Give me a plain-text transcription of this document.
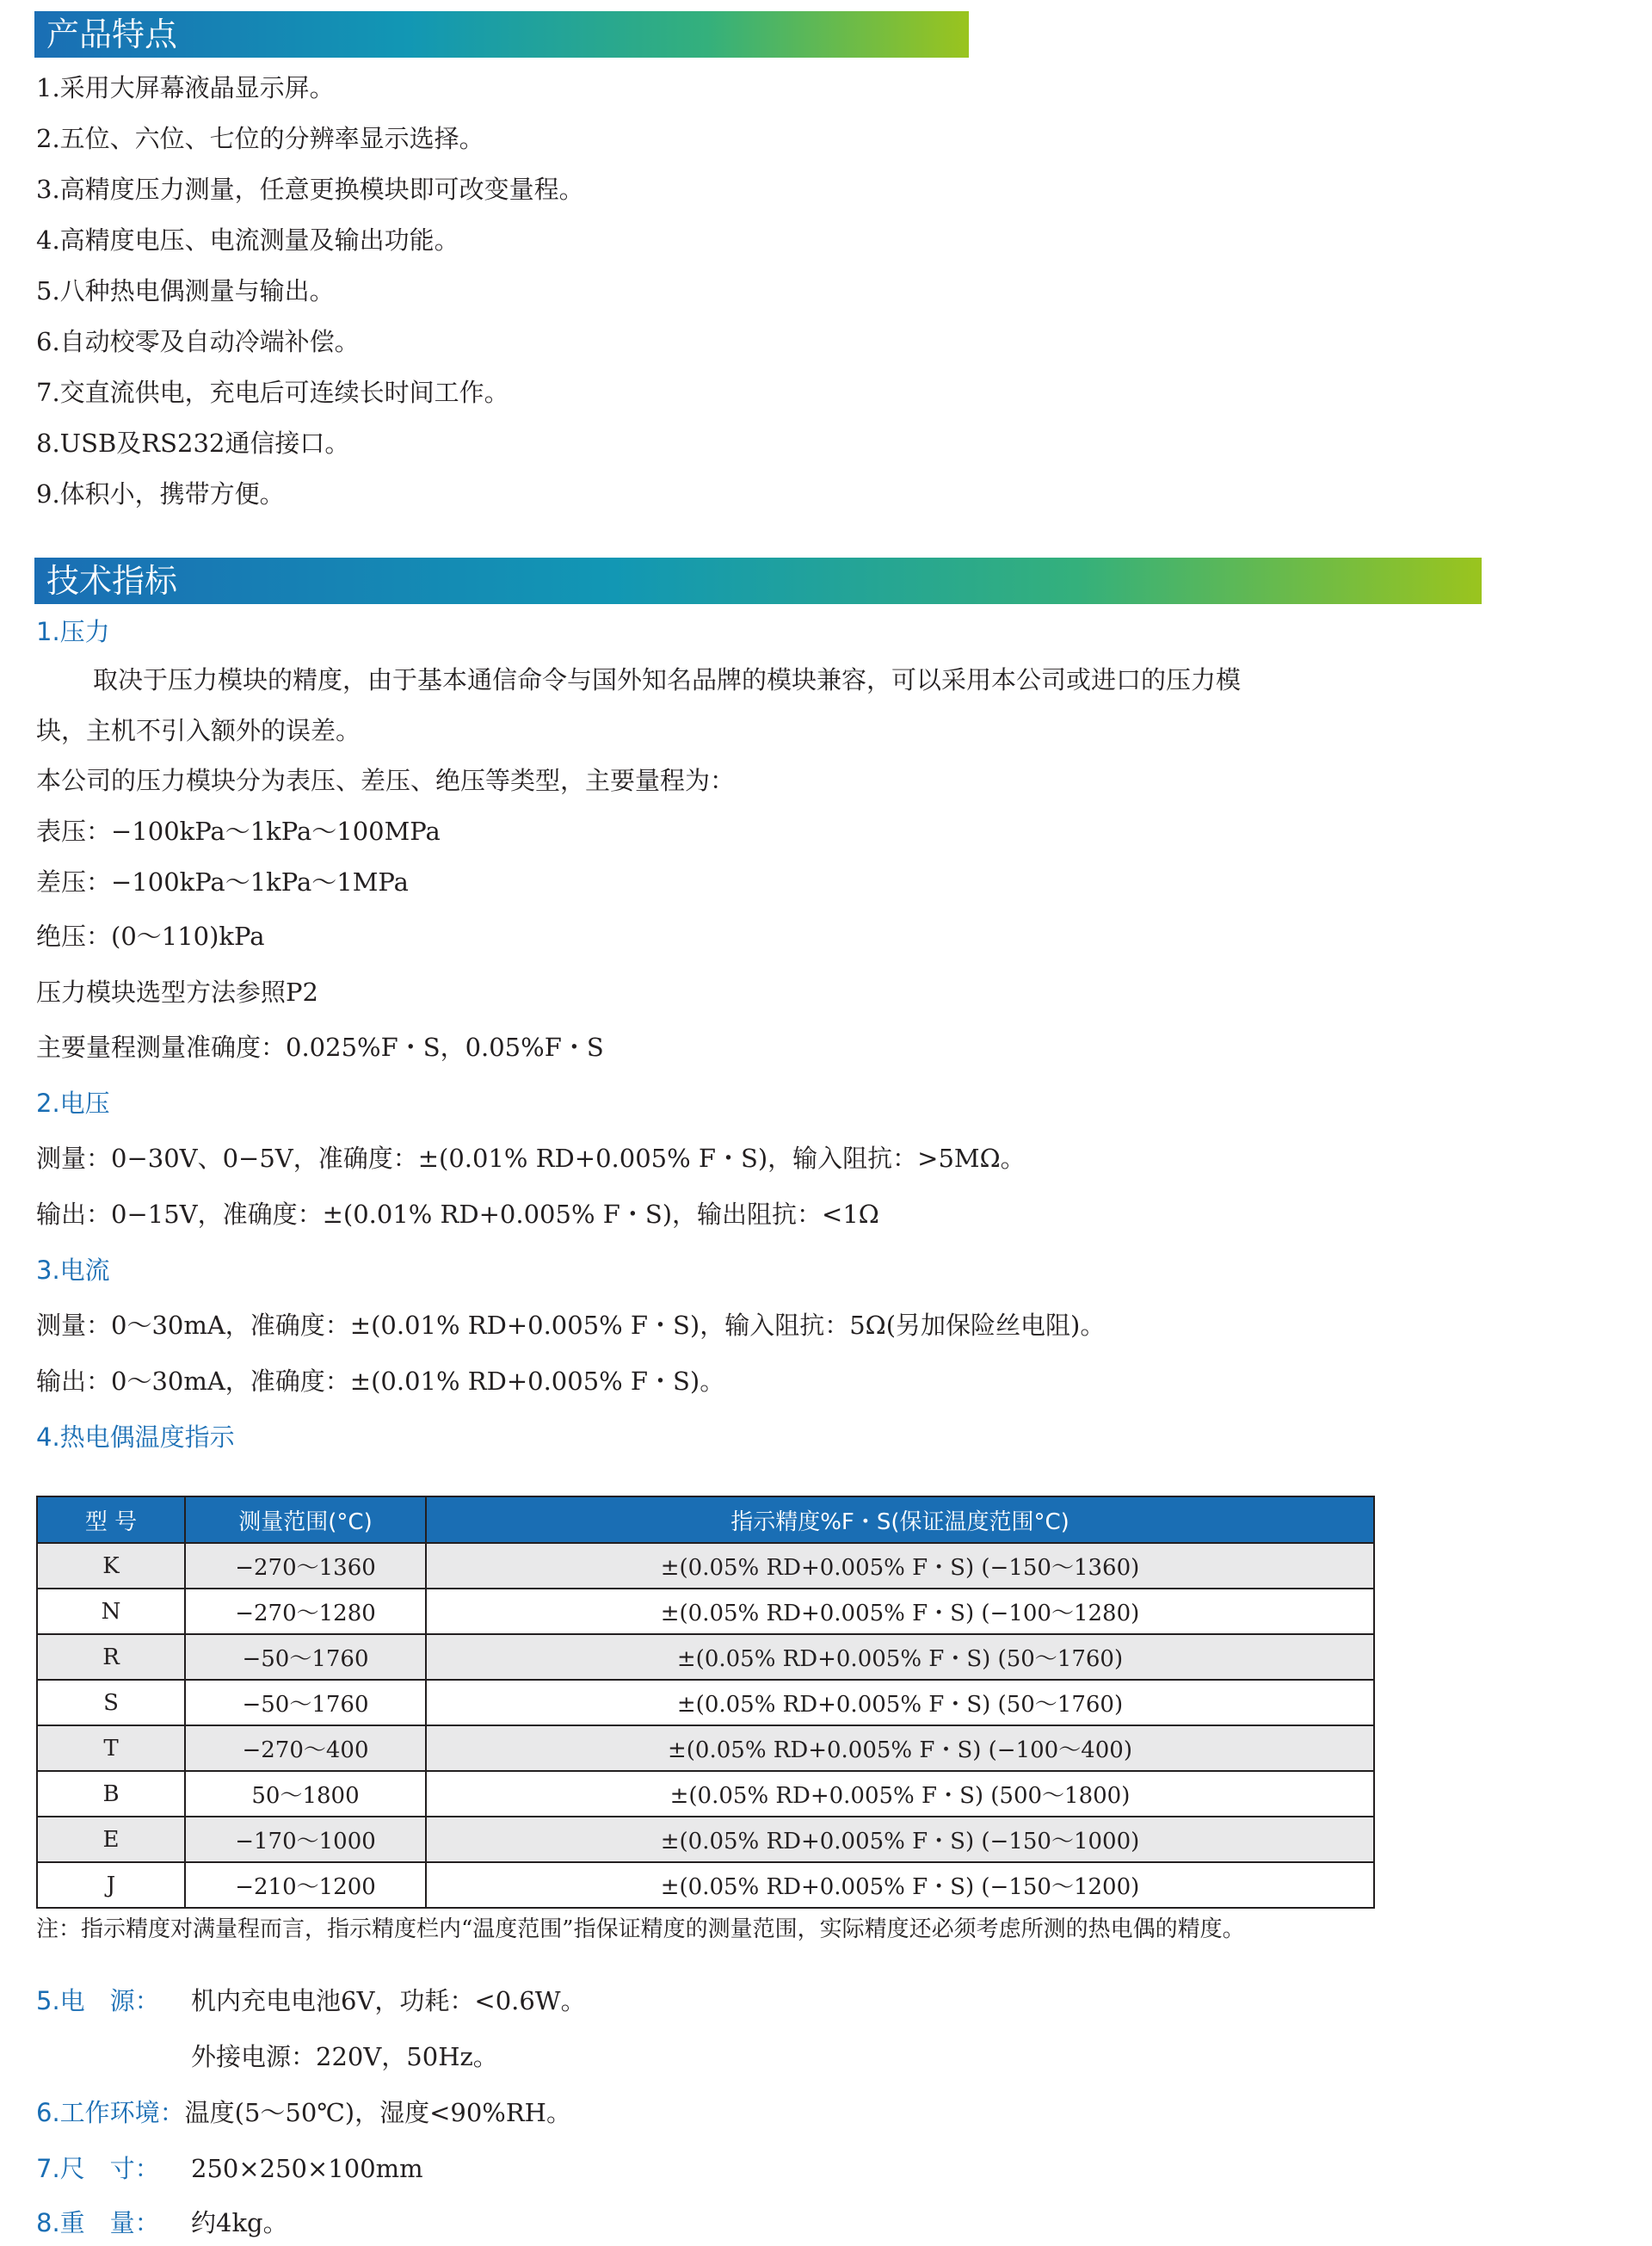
产品特点
1.采用大屏幕液晶显示屏。
2.五位、六位、七位的分辨率显示选择。
3.高精度压力测量，任意更换模块即可改变量程。
4.高精度电压、电流测量及输出功能。
5.八种热电偶测量与输出。
6.自动校零及自动冷端补偿。
7.交直流供电，充电后可连续长时间工作。
8.USB及RS232通信接口。
9.体积小，携带方便。
技术指标
1.压力
取决于压力模块的精度，由于基本通信命令与国外知名品牌的模块兼容，可以采用本公司或进口的压力模
块，主机不引入额外的误差。
本公司的压力模块分为表压、差压、绝压等类型，主要量程为：
表压：−100kPa～1kPa～100MPa
差压：−100kPa～1kPa～1MPa
绝压：(0～110)kPa
压力模块选型方法参照P2
主要量程测量准确度：0.025%F・S，0.05%F・S
2.电压
测量：0−30V、0−5V，准确度：±(0.01% RD+0.005% F・S)，输入阻抗：>5MΩ。
输出：0−15V，准确度：±(0.01% RD+0.005% F・S)，输出阻抗：<1Ω
3.电流
测量：0～30mA，准确度：±(0.01% RD+0.005% F・S)，输入阻抗：5Ω(另加保险丝电阻)。
输出：0～30mA，准确度：±(0.01% RD+0.005% F・S)。
4.热电偶温度指示
型 号	测量范围(°C)	指示精度%F・S(保证温度范围°C)
K	−270～1360	±(0.05% RD+0.005% F・S) (−150～1360)
N	−270～1280	±(0.05% RD+0.005% F・S) (−100～1280)
R	−50～1760	±(0.05% RD+0.005% F・S) (50～1760)
S	−50～1760	±(0.05% RD+0.005% F・S) (50～1760)
T	−270～400	±(0.05% RD+0.005% F・S) (−100～400)
B	50～1800	±(0.05% RD+0.005% F・S) (500～1800)
E	−170～1000	±(0.05% RD+0.005% F・S) (−150～1000)
J	−210～1200	±(0.05% RD+0.005% F・S) (−150～1200)
注：指示精度对满量程而言，指示精度栏内“温度范围”指保证精度的测量范围，实际精度还必须考虑所测的热电偶的精度。
5.电　源： 机内充电电池6V，功耗：<0.6W。
外接电源：220V，50Hz。
6.工作环境：温度(5～50℃)，湿度<90%RH。
7.尺　寸： 250×250×100mm
8.重　量： 约4kg。
